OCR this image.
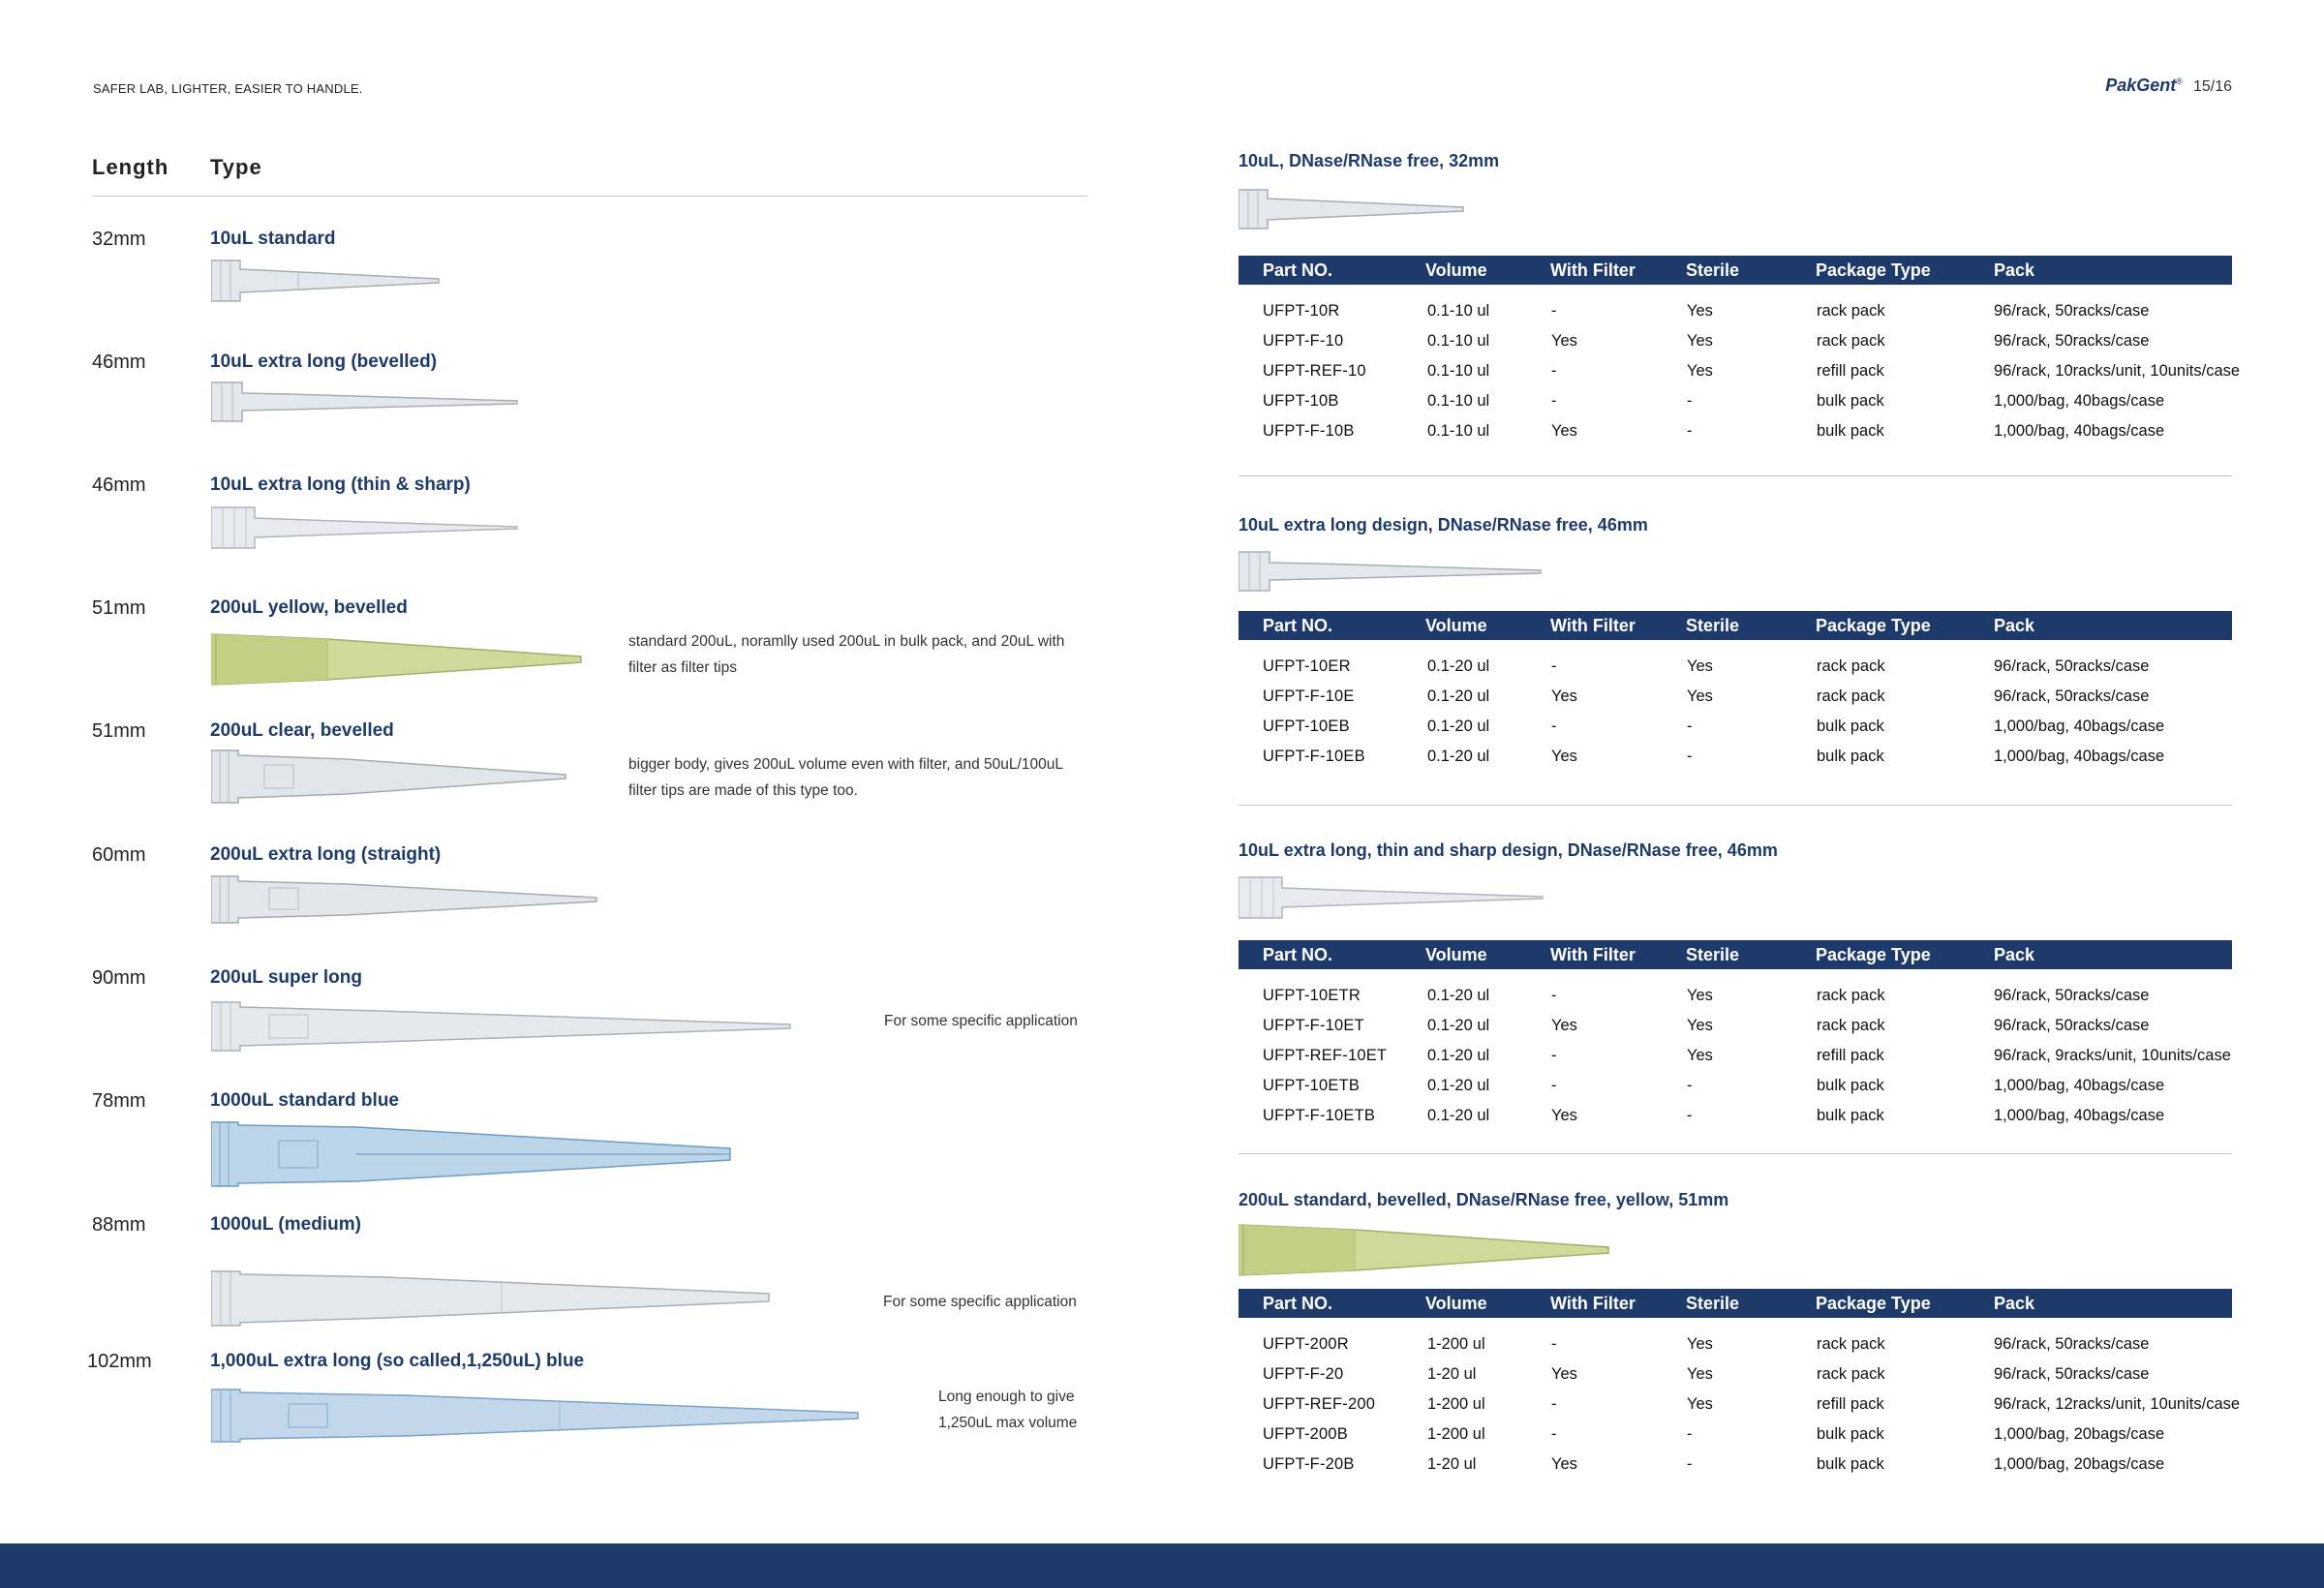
SAFER LAB, LIGHTER, EASIER TO HANDLE.	PakGent® 15/16
Length Type
32mm	10uL standard
46mm	10uL extra long (bevelled)
46mm	10uL extra long (thin & sharp)
51mm	200uL yellow, bevelled
standard 200uL, noramlly used 200uL in bulk pack, and 20uL with filter as filter tips
51mm	200uL clear, bevelled
bigger body, gives 200uL volume even with filter, and 50uL/100uL filter tips are made of this type too.
60mm	200uL extra long (straight)
90mm	200uL super long
For some specific application
78mm	1000uL standard blue
88mm	1000uL (medium)
For some specific application
102mm	1,000uL extra long (so called,1,250uL) blue
Long enough to give 1,250uL max volume
10uL, DNase/RNase free, 32mm
Part NO.	Volume	With Filter	Sterile	Package Type	Pack
UFPT-10R	0.1-10 ul	-	Yes	rack pack	96/rack, 50racks/case
UFPT-F-10	0.1-10 ul	Yes	Yes	rack pack	96/rack, 50racks/case
UFPT-REF-10	0.1-10 ul	-	Yes	refill pack	96/rack, 10racks/unit, 10units/case
UFPT-10B	0.1-10 ul	-	-	bulk pack	1,000/bag, 40bags/case
UFPT-F-10B	0.1-10 ul	Yes	-	bulk pack	1,000/bag, 40bags/case
10uL extra long design, DNase/RNase free, 46mm
Part NO.	Volume	With Filter	Sterile	Package Type	Pack
UFPT-10ER	0.1-20 ul	-	Yes	rack pack	96/rack, 50racks/case
UFPT-F-10E	0.1-20 ul	Yes	Yes	rack pack	96/rack, 50racks/case
UFPT-10EB	0.1-20 ul	-	-	bulk pack	1,000/bag, 40bags/case
UFPT-F-10EB	0.1-20 ul	Yes	-	bulk pack	1,000/bag, 40bags/case
10uL extra long, thin and sharp design, DNase/RNase free, 46mm
Part NO.	Volume	With Filter	Sterile	Package Type	Pack
UFPT-10ETR	0.1-20 ul	-	Yes	rack pack	96/rack, 50racks/case
UFPT-F-10ET	0.1-20 ul	Yes	Yes	rack pack	96/rack, 50racks/case
UFPT-REF-10ET	0.1-20 ul	-	Yes	refill pack	96/rack, 9racks/unit, 10units/case
UFPT-10ETB	0.1-20 ul	-	-	bulk pack	1,000/bag, 40bags/case
UFPT-F-10ETB	0.1-20 ul	Yes	-	bulk pack	1,000/bag, 40bags/case
200uL standard, bevelled, DNase/RNase free, yellow, 51mm
Part NO.	Volume	With Filter	Sterile	Package Type	Pack
UFPT-200R	1-200 ul	-	Yes	rack pack	96/rack, 50racks/case
UFPT-F-20	1-20 ul	Yes	Yes	rack pack	96/rack, 50racks/case
UFPT-REF-200	1-200 ul	-	Yes	refill pack	96/rack, 12racks/unit, 10units/case
UFPT-200B	1-200 ul	-	-	bulk pack	1,000/bag, 20bags/case
UFPT-F-20B	1-20 ul	Yes	-	bulk pack	1,000/bag, 20bags/case
